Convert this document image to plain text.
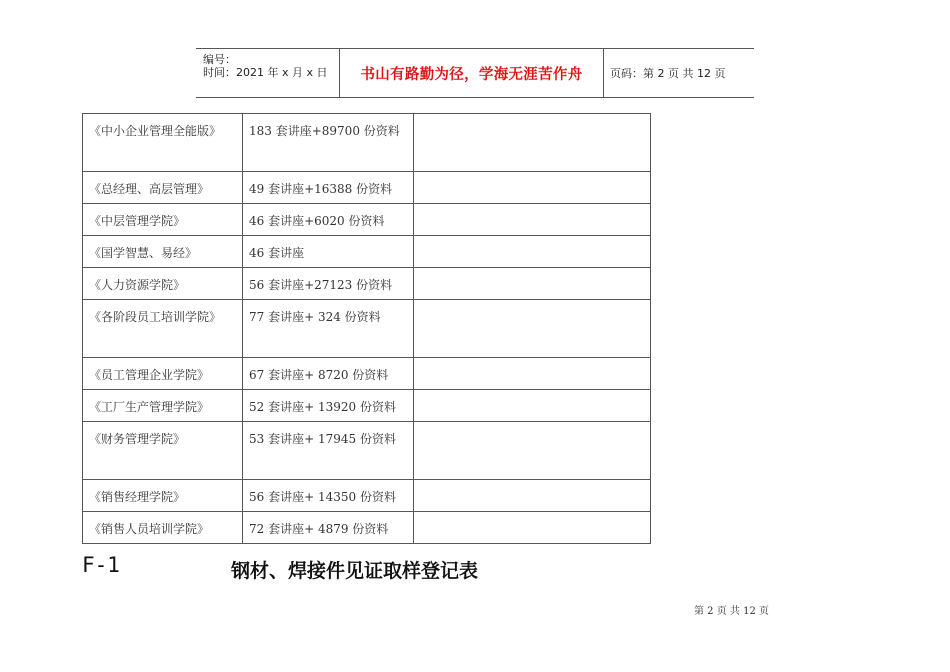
编号：
时间：2021 年 x 月 x 日	书山有路勤为径，学海无涯苦作舟	页码：第 2 页 共 12 页
《中小企业管理全能版》	183 套讲座+89700 份资料	
《总经理、高层管理》	49 套讲座+16388 份资料	
《中层管理学院》	46 套讲座+6020 份资料	
《国学智慧、易经》	46 套讲座	
《人力资源学院》	56 套讲座+27123 份资料	
《各阶段员工培训学院》	77 套讲座+ 324 份资料	
《员工管理企业学院》	67 套讲座+ 8720 份资料	
《工厂生产管理学院》	52 套讲座+ 13920 份资料	
《财务管理学院》	53 套讲座+ 17945 份资料	
《销售经理学院》	56 套讲座+ 14350 份资料	
《销售人员培训学院》	72 套讲座+ 4879 份资料	
F-1	钢材、焊接件见证取样登记表
第 2 页 共 12 页
